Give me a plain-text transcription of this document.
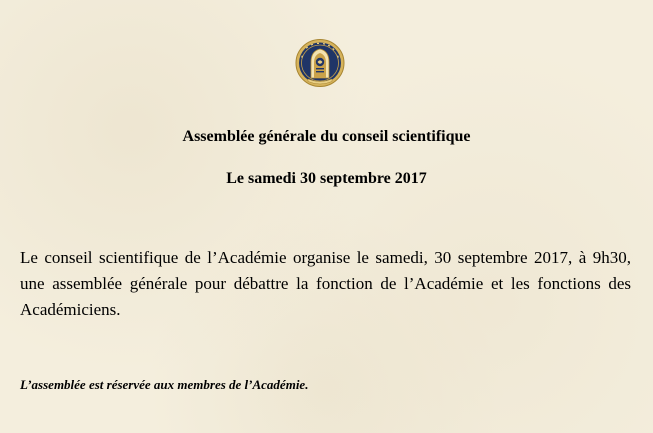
Assemblée générale du conseil scientifique
Le samedi 30 septembre 2017

Le conseil scientifique de l’Académie organise le samedi, 30 septembre 2017, à 9h30, une assemblée générale pour débattre la fonction de l’Académie et les fonctions des Académiciens.

L’assemblée est réservée aux membres de l’Académie.
